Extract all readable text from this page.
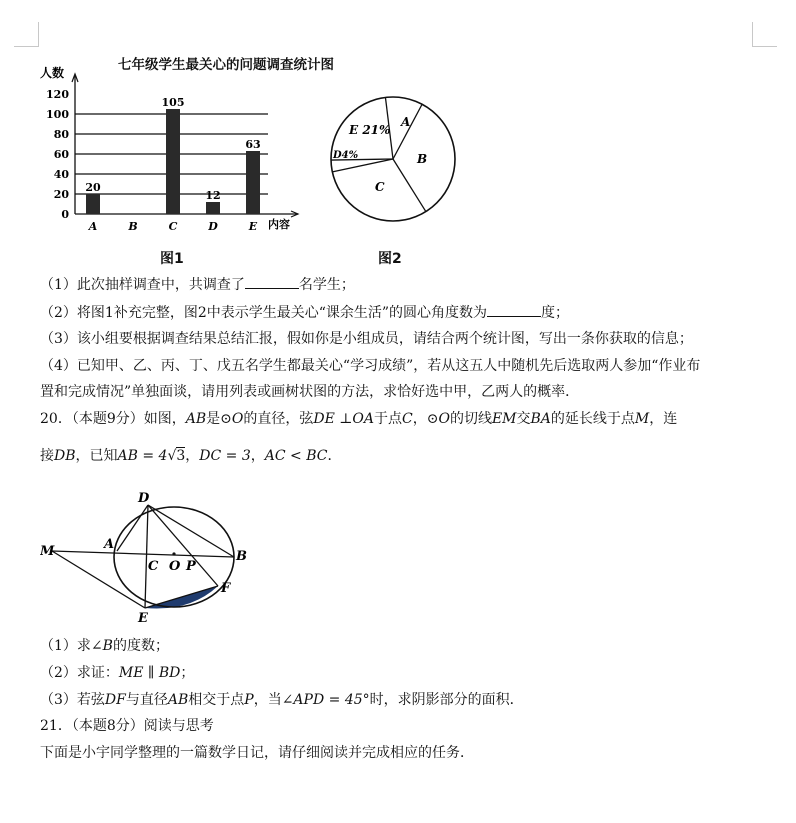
七年级学生最关心的问题调查统计图
人数
内容
0
20
40
60
80
100
120
20
A	B
105
C
12
D
63
E
图1
A
B
C
D4%
E 21%
图2
（1）此次抽样调查中，共调查了	名学生；
（2）将图1补充完整，图2中表示学生最关心“课余生活”的圆心角度数为	度；
（3）该小组要根据调查结果总结汇报，假如你是小组成员，请结合两个统计图，写出一条你获取的信息；
（4）已知甲、乙、丙、丁、戊五名学生都最关心“学习成绩”，若从这五人中随机先后选取两人参加“作业布
置和完成情况”单独面谈，请用列表或画树状图的方法，求恰好选中甲，乙两人的概率．
20．（本题9分）如图，AB是⊙O的直径，弦DE ⊥OA于点C，⊙O的切线EM交BA的延长线于点M，连
接DB，已知AB = 4√3，DC = 3，AC < BC．
D
M	A
C O P
B
F
E
（1）求∠B的度数；
（2）求证：ME ∥ BD；
（3）若弦DF与直径AB相交于点P，当∠APD = 45°时，求阴影部分的面积．
21．（本题8分）阅读与思考
下面是小宇同学整理的一篇数学日记，请仔细阅读并完成相应的任务．
